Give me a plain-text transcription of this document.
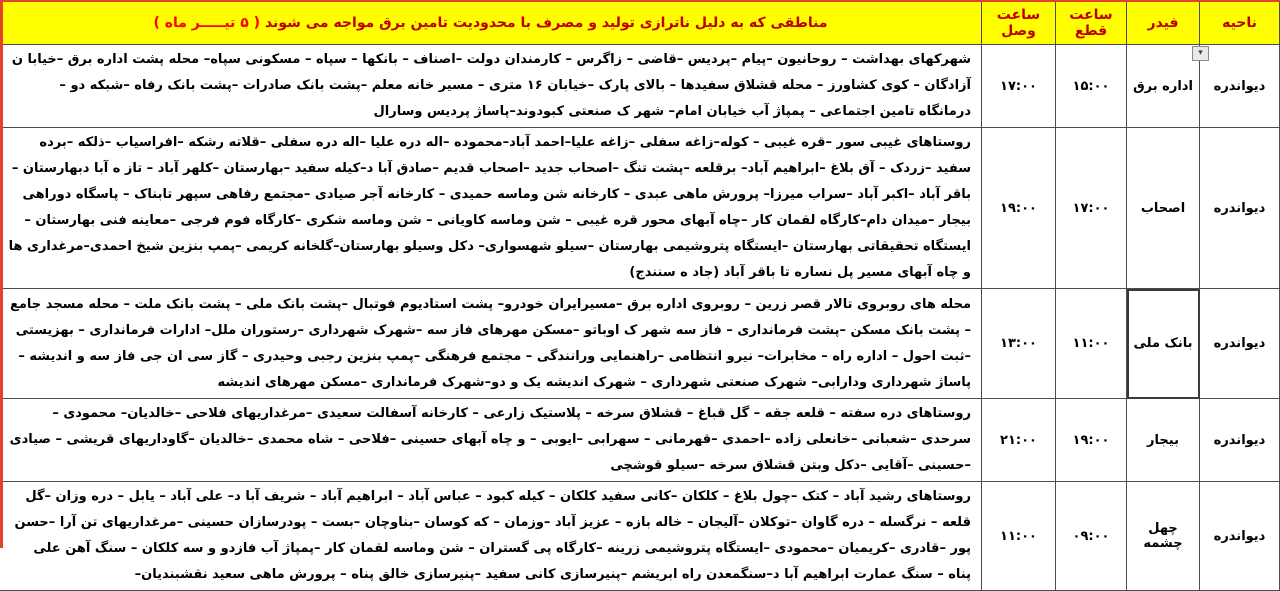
▾
ناحیه	فیدر	ساعت قطع	ساعت وصل	مناطقی که به دلیل ناترازی تولید و مصرف با محدودیت تامین برق مواجه می شوند ( ۵ تیـــــر ماه )
دیواندره	اداره برق	۱۵:۰۰	۱۷:۰۰	شهرکهای بهداشت – روحانیون –پیام –پردیس –قاضی – زاگرس – کارمندان دولت –اصناف – بانکها – سپاه – مسکونی سپاه– محله پشت اداره برق –خیابا ن آزادگان – کوی کشاورز – محله قشلاق سفیدها – بالای پارک –خیابان ۱۶ متری – مسیر خانه معلم –پشت بانک صادرات –پشت بانک رفاه –شبکه دو – درمانگاه تامین اجتماعی – پمپاژ آب خیابان امام– شهر ک صنعتی کبودوند–پاساژ پردیس وسارال
دیواندره	اصحاب	۱۷:۰۰	۱۹:۰۰	روستاهای غیبی سور –قره غیبی – کوله–زاغه سفلی –زاغه علیا–احمد آباد–محموده –اله دره علیا –اله دره سفلی –قلاته رشکه –افراسیاب –ذلکه –برده سفید –زردک – آق بلاغ –ابراهیم آباد– برقلعه –پشت تنگ –اصحاب جدید –اصحاب قدیم –صادق آبا د–کیله سفید –بهارستان –کلهر آباد – تاز ه آبا دبهارستان –باقر آباد –اکبر آباد –سراب میرزا– پرورش ماهی عبدی – کارخانه شن وماسه حمیدی – کارخانه آجر صیادی –مجتمع رفاهی سپهر تابناک – پاسگاه دوراهی بیجار –میدان دام–کارگاه لقمان کار –چاه آبهای محور قره غیبی – شن وماسه کاویانی – شن وماسه شکری –کارگاه فوم فرجی –معاینه فنی بهارستان – ایستگاه تحقیقاتی بهارستان –ایستگاه پتروشیمی بهارستان –سیلو شهسواری– دکل وسیلو بهارستان–گلخانه کریمی –پمپ بنزین شیخ احمدی–مرغداری ها و چاه آبهای مسیر پل نساره تا باقر آباد (جاد ه سنندج)
دیواندره	بانک ملی	۱۱:۰۰	۱۳:۰۰	محله های روبروی تالار قصر زرین – روبروی اداره برق –مسیرایران خودرو– پشت استادیوم فوتبال –پشت بانک ملی – پشت بانک ملت – محله مسجد جامع – پشت بانک مسکن –پشت فرمانداری – فاز سه شهر ک اوباتو –مسکن مهرهای فاز سه –شهرک شهرداری –رستوران ملل– ادارات فرمانداری – بهزیستی –ثبت احول – اداره راه – مخابرات– نیرو انتظامی –راهنمایی ورانندگی – مجتمع فرهنگی –پمپ بنزین رجبی وحیدری – گاز سی ان جی فاز سه و اندیشه –پاساژ شهرداری ودارابی– شهرک صنعتی شهرداری – شهرک اندیشه یک و دو–شهرک فرمانداری –مسکن مهرهای اندیشه
دیواندره	بیجار	۱۹:۰۰	۲۱:۰۰	روستاهای دره سفته – قلعه جقه – گل قباغ – قشلاق سرخه – پلاستیک زارعی – کارخانه آسفالت سعیدی –مرغداریهای فلاحی –خالدیان– محمودی –سرحدی –شعبانی –خانعلی زاده –احمدی –قهرمانی – سهرابی –ایوبی – و چاه آبهای حسینی –فلاحی – شاه محمدی –خالدیان –گاوداریهای قریشی – صیادی –حسینی –آقایی –دکل وبتن قشلاق سرخه –سیلو قوشچی
دیواندره	چهل چشمه	۰۹:۰۰	۱۱:۰۰	روستاهای رشید آباد – کتک –چول بلاغ – کلکان –کانی سفید کلکان – کیله کبود – عباس آباد – ابراهیم آباد – شریف آبا د– علی آباد – یابل – دره وزان –گل قلعه – نرگسله – دره گاوان –توکلان –آلیجان – خاله بازه – عزیز آباد –وزمان – که کوسان –بناوچان –بست – پودرسازان حسینی –مرغداریهای تن آرا –حسن پور –قادری –کریمیان –محمودی –ایستگاه پتروشیمی زرینه –کارگاه پی گستران – شن وماسه لقمان کار –پمپاژ آب فازدو و سه کلکان – سنگ آهن علی پناه – سنگ عمارت ابراهیم آبا د–سنگمعدن راه ابریشم –پنیرسازی کانی سفید –پنیرسازی خالق پناه – پرورش ماهی سعید نقشبندیان–
